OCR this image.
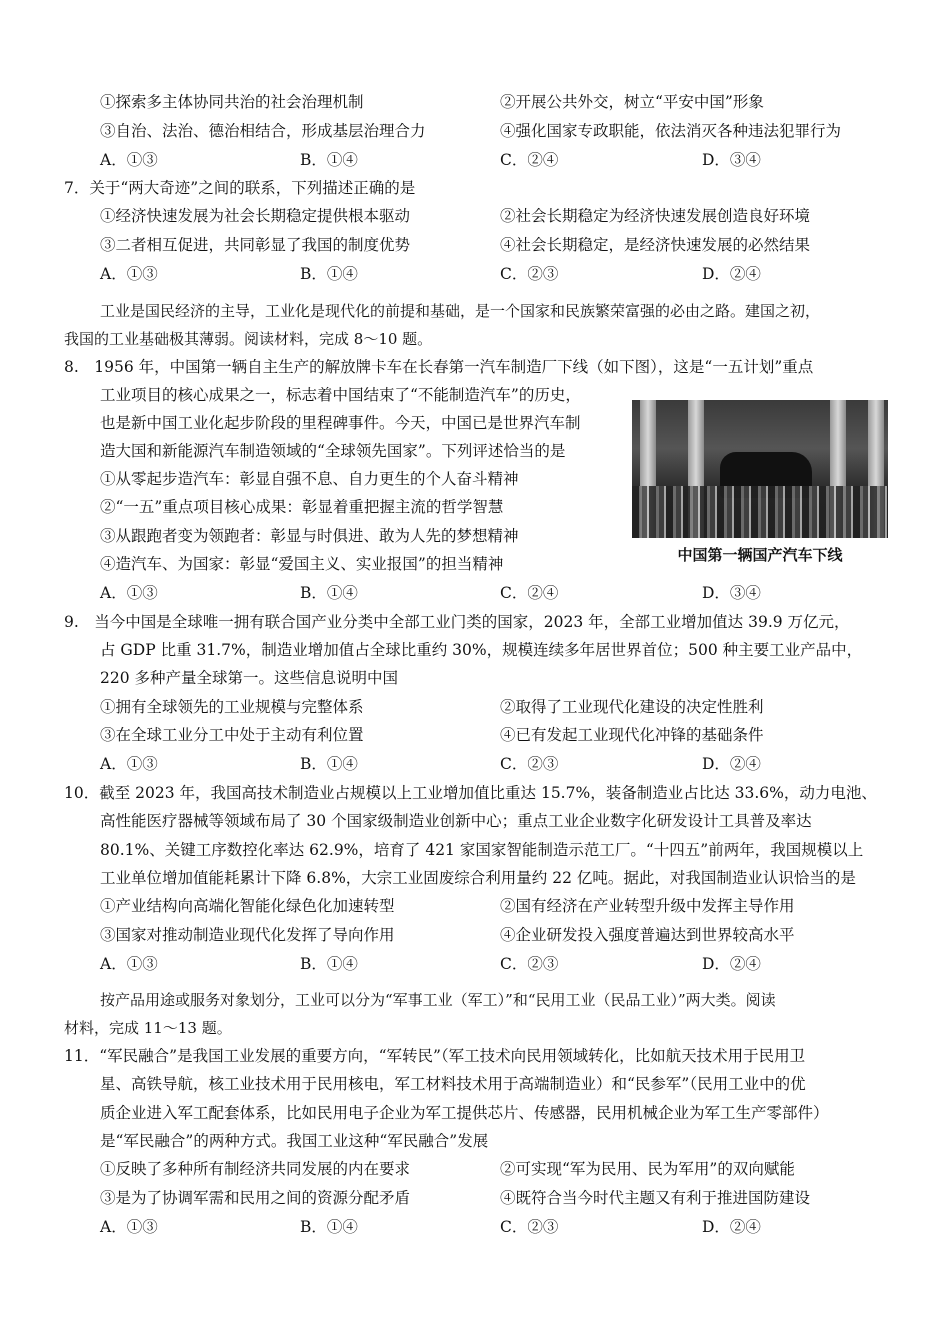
①探索多主体协同共治的社会治理机制	②开展公共外交，树立“平安中国”形象
③自治、法治、德治相结合，形成基层治理合力	④强化国家专政职能，依法消灭各种违法犯罪行为
A．①③	B．①④	C．②④	D．③④
7．关于“两大奇迹”之间的联系，下列描述正确的是
①经济快速发展为社会长期稳定提供根本驱动	②社会长期稳定为经济快速发展创造良好环境
③二者相互促进，共同彰显了我国的制度优势	④社会长期稳定，是经济快速发展的必然结果
A．①③	B．①④	C．②③	D．②④
工业是国民经济的主导，工业化是现代化的前提和基础，是一个国家和民族繁荣富强的必由之路。建国之初，
我国的工业基础极其薄弱。阅读材料，完成 8～10 题。
8.　1956 年，中国第一辆自主生产的解放牌卡车在长春第一汽车制造厂下线（如下图），这是“一五计划”重点
工业项目的核心成果之一，标志着中国结束了“不能制造汽车”的历史，
也是新中国工业化起步阶段的里程碑事件。今天，中国已是世界汽车制
造大国和新能源汽车制造领域的“全球领先国家”。下列评述恰当的是
①从零起步造汽车：彰显自强不息、自力更生的个人奋斗精神
②“一五”重点项目核心成果：彰显着重把握主流的哲学智慧
③从跟跑者变为领跑者：彰显与时俱进、敢为人先的梦想精神
④造汽车、为国家：彰显“爱国主义、实业报国”的担当精神	中国第一辆国产汽车下线
A．①③	B．①④	C．②④	D．③④
9.　当今中国是全球唯一拥有联合国产业分类中全部工业门类的国家，2023 年，全部工业增加值达 39.9 万亿元，
占 GDP 比重 31.7%，制造业增加值占全球比重约 30%，规模连续多年居世界首位；500 种主要工业产品中，
220 多种产量全球第一。这些信息说明中国
①拥有全球领先的工业规模与完整体系	②取得了工业现代化建设的决定性胜利
③在全球工业分工中处于主动有利位置	④已有发起工业现代化冲锋的基础条件
A．①③	B．①④	C．②③	D．②④
10．截至 2023 年，我国高技术制造业占规模以上工业增加值比重达 15.7%，装备制造业占比达 33.6%，动力电池、
高性能医疗器械等领域布局了 30 个国家级制造业创新中心；重点工业企业数字化研发设计工具普及率达
80.1%、关键工序数控化率达 62.9%，培育了 421 家国家智能制造示范工厂。“十四五”前两年，我国规模以上
工业单位增加值能耗累计下降 6.8%，大宗工业固废综合利用量约 22 亿吨。据此，对我国制造业认识恰当的是
①产业结构向高端化智能化绿色化加速转型	②国有经济在产业转型升级中发挥主导作用
③国家对推动制造业现代化发挥了导向作用	④企业研发投入强度普遍达到世界较高水平
A．①③	B．①④	C．②③	D．②④
按产品用途或服务对象划分，工业可以分为“军事工业（军工）”和“民用工业（民品工业）”两大类。阅读
材料，完成 11～13 题。
11．“军民融合”是我国工业发展的重要方向，“军转民”（军工技术向民用领域转化，比如航天技术用于民用卫
星、高铁导航，核工业技术用于民用核电，军工材料技术用于高端制造业）和“民参军”（民用工业中的优
质企业进入军工配套体系，比如民用电子企业为军工提供芯片、传感器，民用机械企业为军工生产零部件）
是“军民融合”的两种方式。我国工业这种“军民融合”发展
①反映了多种所有制经济共同发展的内在要求	②可实现“军为民用、民为军用”的双向赋能
③是为了协调军需和民用之间的资源分配矛盾	④既符合当今时代主题又有利于推进国防建设
A．①③	B．①④	C．②③	D．②④
